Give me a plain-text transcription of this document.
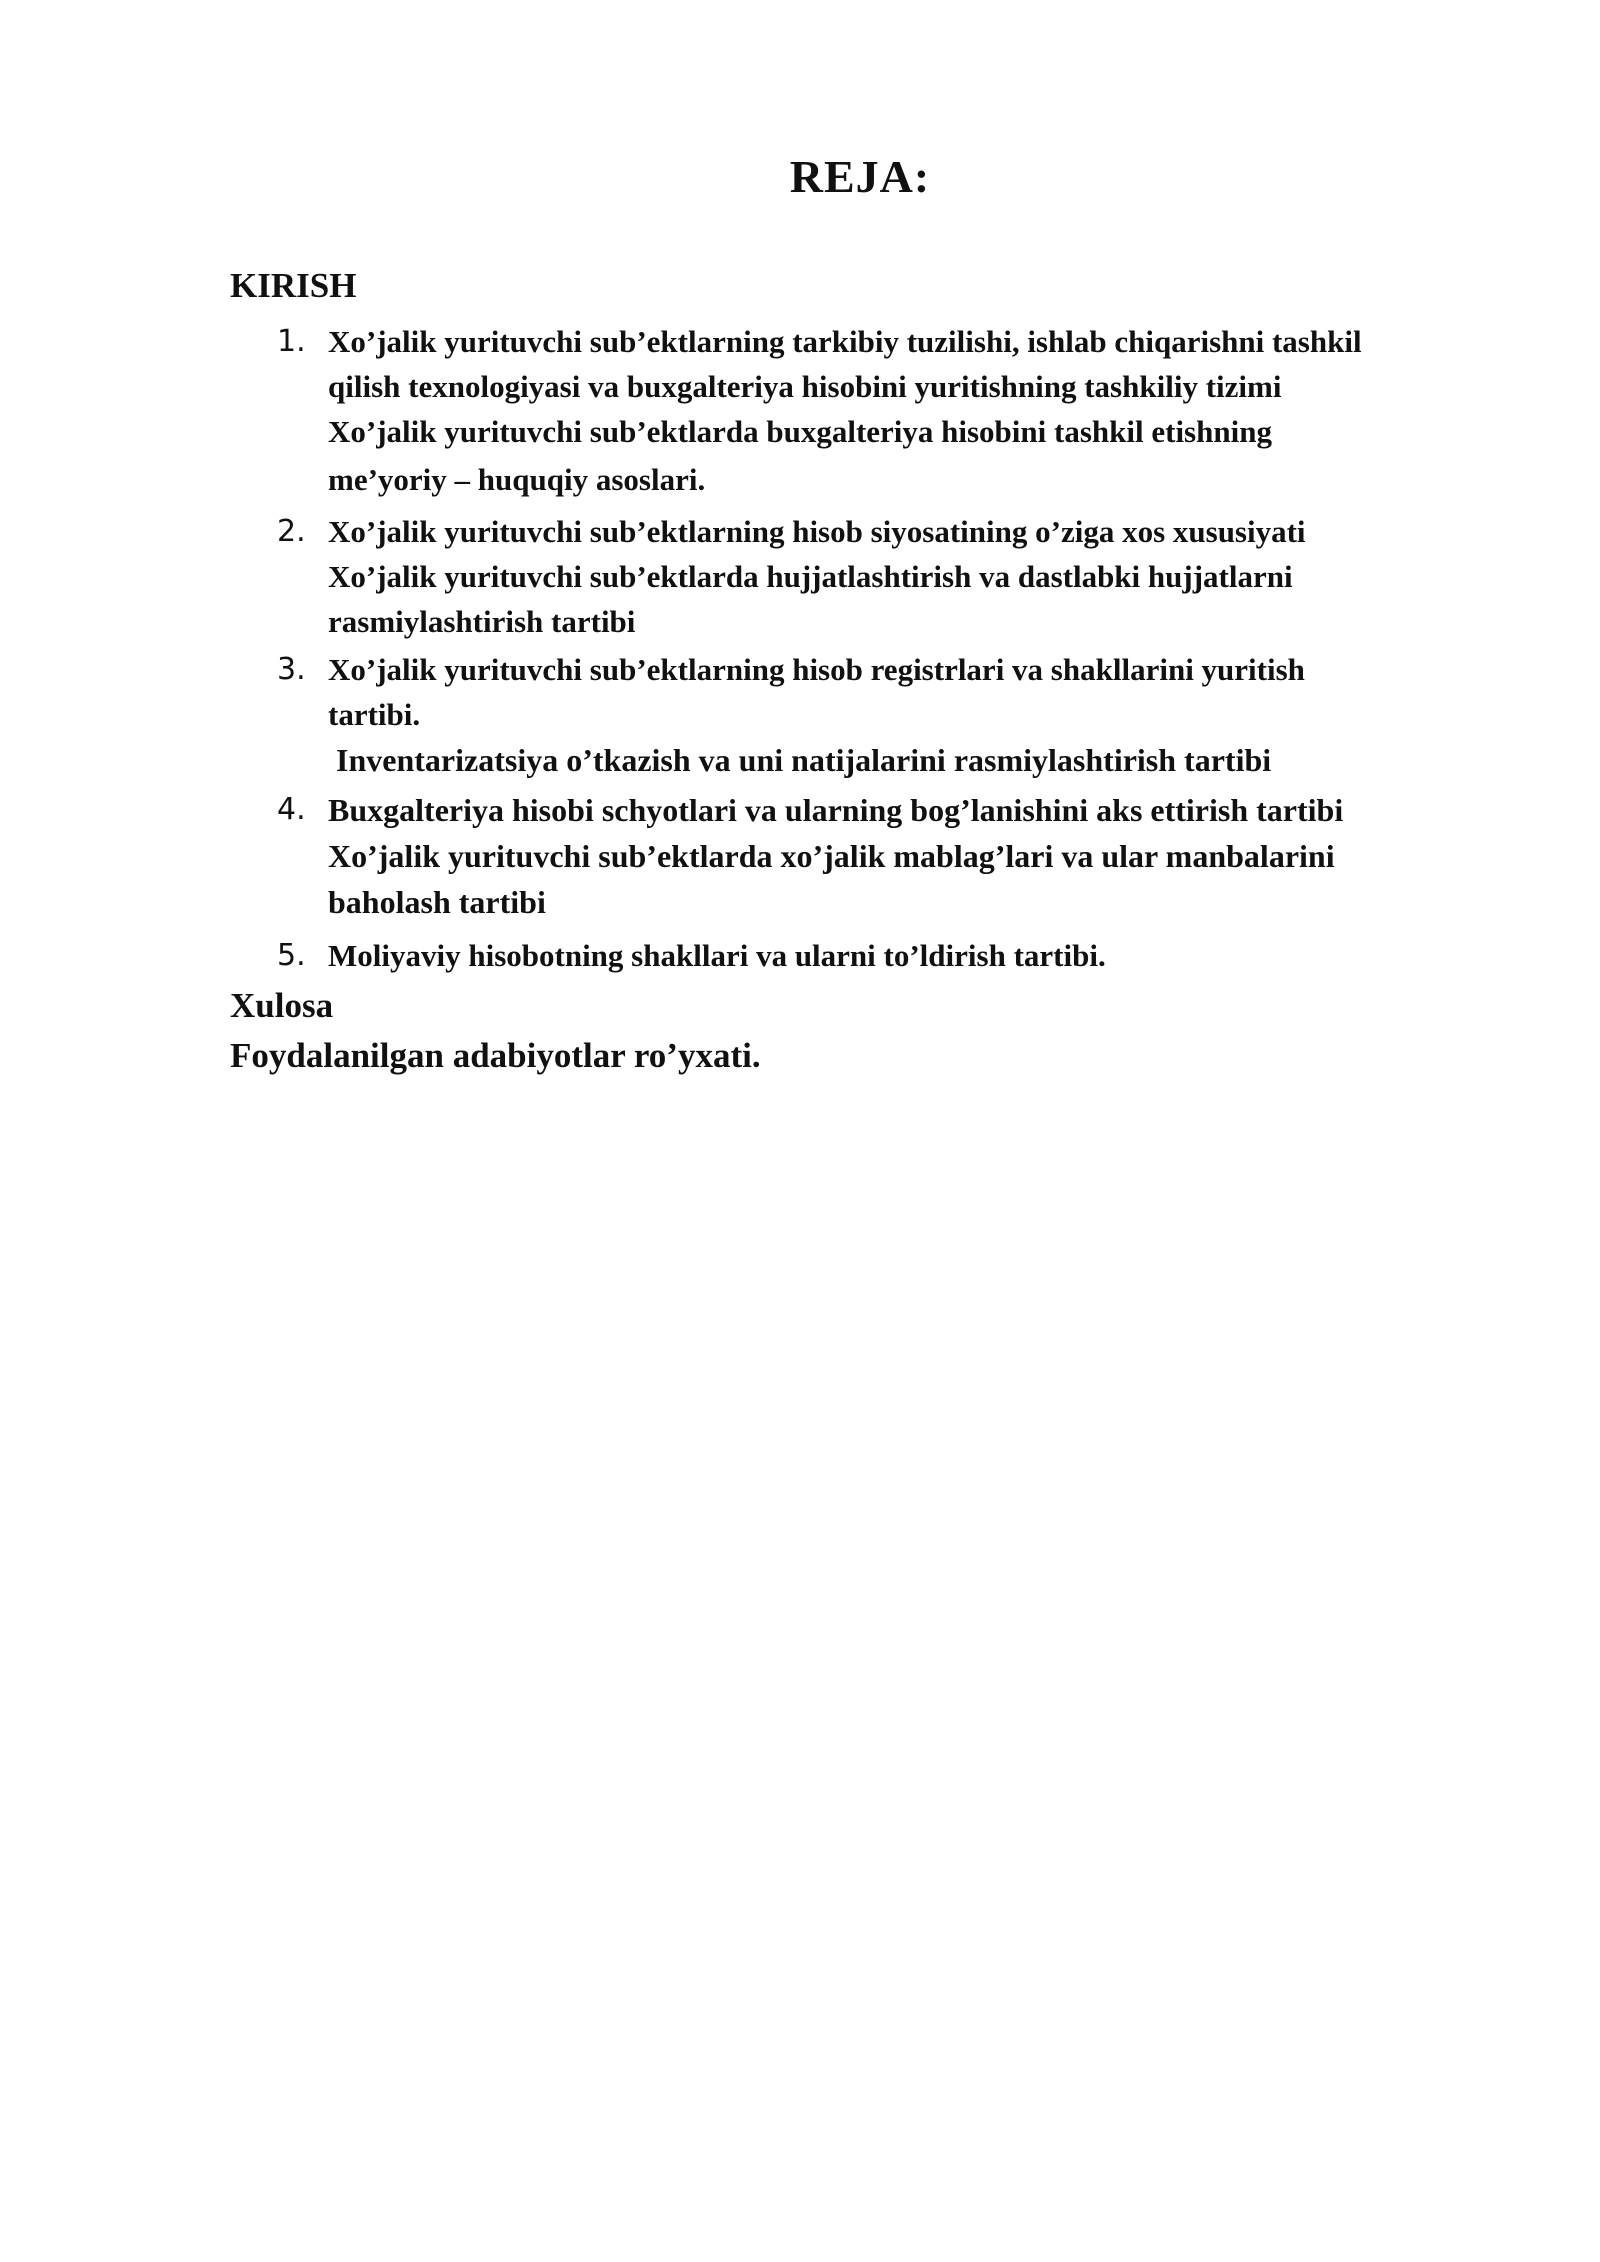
REJA:
KIRISH
1. Xo’jalik yurituvchi sub’ektlarning tarkibiy tuzilishi, ishlab chiqarishni tashkil
qilish texnologiyasi va buxgalteriya hisobini yuritishning tashkiliy tizimi
Xo’jalik yurituvchi sub’ektlarda buxgalteriya hisobini tashkil etishning
me’yoriy – huquqiy asoslari.
2. Xo’jalik yurituvchi sub’ektlarning hisob siyosatining o’ziga xos xususiyati
Xo’jalik yurituvchi sub’ektlarda hujjatlashtirish va dastlabki hujjatlarni
rasmiylashtirish tartibi
3. Xo’jalik yurituvchi sub’ektlarning hisob registrlari va shakllarini yuritish
tartibi.
Inventarizatsiya o’tkazish va uni natijalarini rasmiylashtirish tartibi
4. Buxgalteriya hisobi schyotlari va ularning bog’lanishini aks ettirish tartibi
Xo’jalik yurituvchi sub’ektlarda xo’jalik mablag’lari va ular manbalarini
baholash tartibi
5. Moliyaviy hisobotning shakllari va ularni to’ldirish tartibi.
Xulosa
Foydalanilgan adabiyotlar ro’yxati.
